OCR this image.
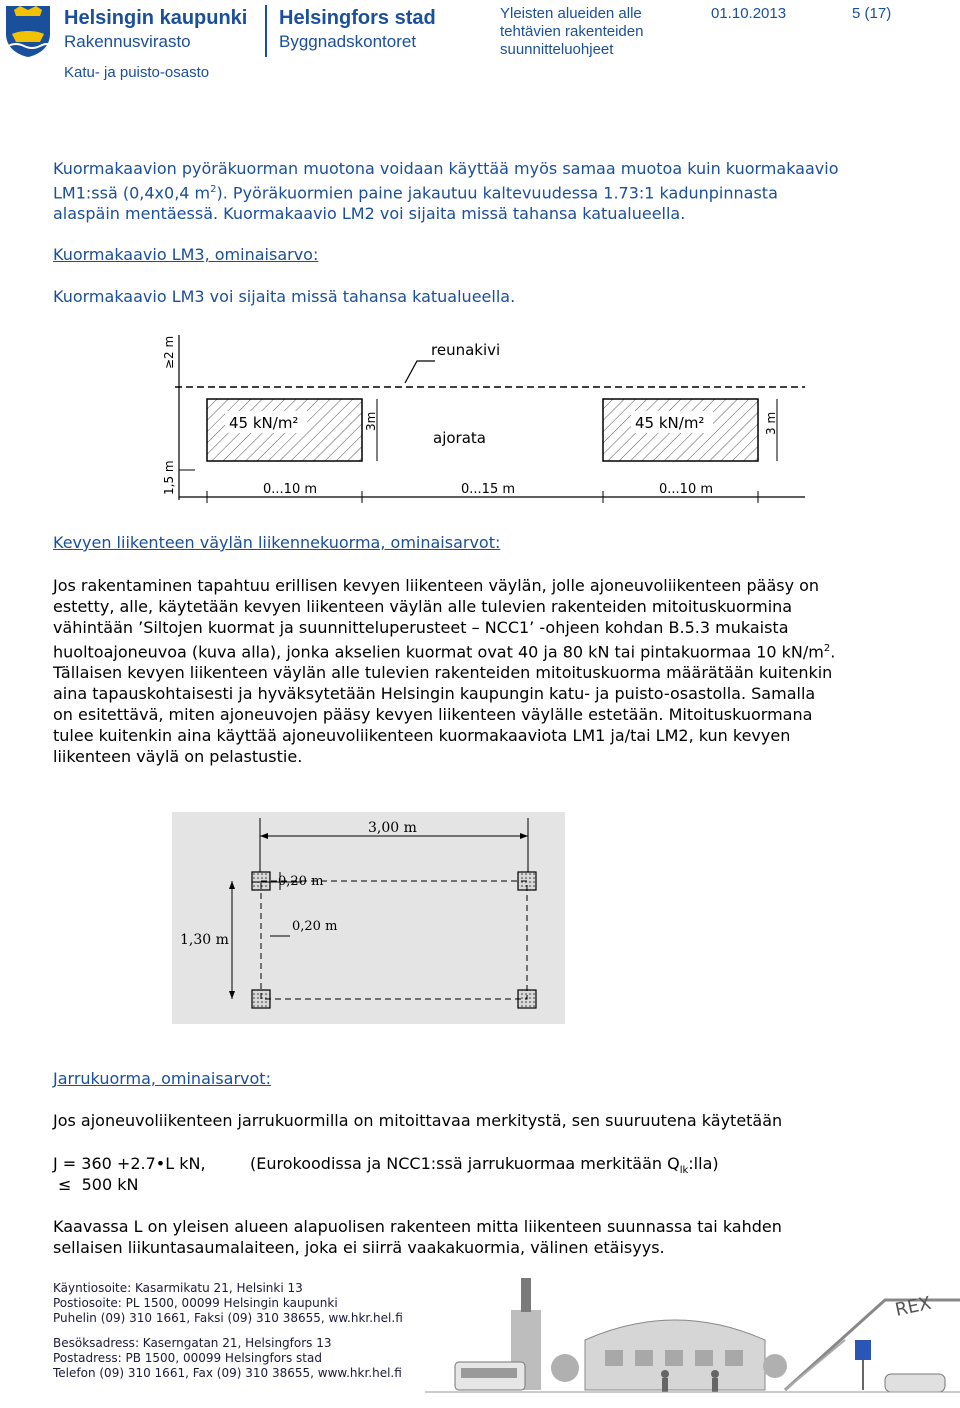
Helsingin kaupunki
Rakennusvirasto
Helsingfors stad
Byggnadskontoret
Katu- ja puisto-osasto
Yleisten alueiden alle
tehtävien rakenteiden
suunnitteluohjeet
01.10.2013	5 (17)
Kuormakaavion pyöräkuorman muotona voidaan käyttää myös samaa muotoa kuin kuormakaavio
LM1:ssä (0,4x0,4 $m^2$). Pyöräkuormien paine jakautuu kaltevuudessa 1.73:1 kadunpinnasta
alaspäin mentäessä. Kuormakaavio LM2 voi sijaita missä tahansa katualueella.
Kuormakaavio LM3, ominaisarvo:
Kuormakaavio LM3 voi sijaita missä tahansa katualueella.
reunakivi
45 kN/m²	45 kN/m²
ajorata
3m	3 m
≥2 m
1,5 m	0...10 m	0...15 m	0...10 m
Kevyen liikenteen väylän liikennekuorma, ominaisarvot:
Jos rakentaminen tapahtuu erillisen kevyen liikenteen väylän, jolle ajoneuvoliikenteen pääsy on
estetty, alle, käytetään kevyen liikenteen väylän alle tulevien rakenteiden mitoituskuormina
vähintään ’Siltojen kuormat ja suunnitteluperusteet – NCC1’ -ohjeen kohdan B.5.3 mukaista
huoltoajoneuvoa (kuva alla), jonka akselien kuormat ovat 40 ja 80 kN tai pintakuormaa 10 $kN/m^2$.
Tällaisen kevyen liikenteen väylän alle tulevien rakenteiden mitoituskuorma määrätään kuitenkin
aina tapauskohtaisesti ja hyväksytetään Helsingin kaupungin katu- ja puisto-osastolla. Samalla
on esitettävä, miten ajoneuvojen pääsy kevyen liikenteen väylälle estetään. Mitoituskuormana
tulee kuitenkin aina käyttää ajoneuvoliikenteen kuormakaaviota LM1 ja/tai LM2, kun kevyen
liikenteen väylä on pelastustie.
3,00 m
0,20 m
0,20 m
1,30 m
Jarrukuorma, ominaisarvot:
Jos ajoneuvoliikenteen jarrukuormilla on mitoittavaa merkitystä, sen suuruutena käytetään
J = 360 +2.7•L kN,	(Eurokoodissa ja NCC1:ssä jarrukuormaa merkitään $Q_{lk}:lla$)
≤ 500 kN
Kaavassa L on yleisen alueen alapuolisen rakenteen mitta liikenteen suunnassa tai kahden
sellaisen liikuntasaumalaiteen, joka ei siirrä vaakakuormia, välinen etäisyys.
Käyntiosoite: Kasarmikatu 21, Helsinki 13
Postiosoite: PL 1500, 00099 Helsingin kaupunki
Puhelin (09) 310 1661, Faksi (09) 310 38655, ww.hkr.hel.fi
Besöksadress: Kaserngatan 21, Helsingfors 13
Postadress: PB 1500, 00099 Helsingfors stad
Telefon (09) 310 1661, Fax (09) 310 38655, www.hkr.hel.fi
REX
